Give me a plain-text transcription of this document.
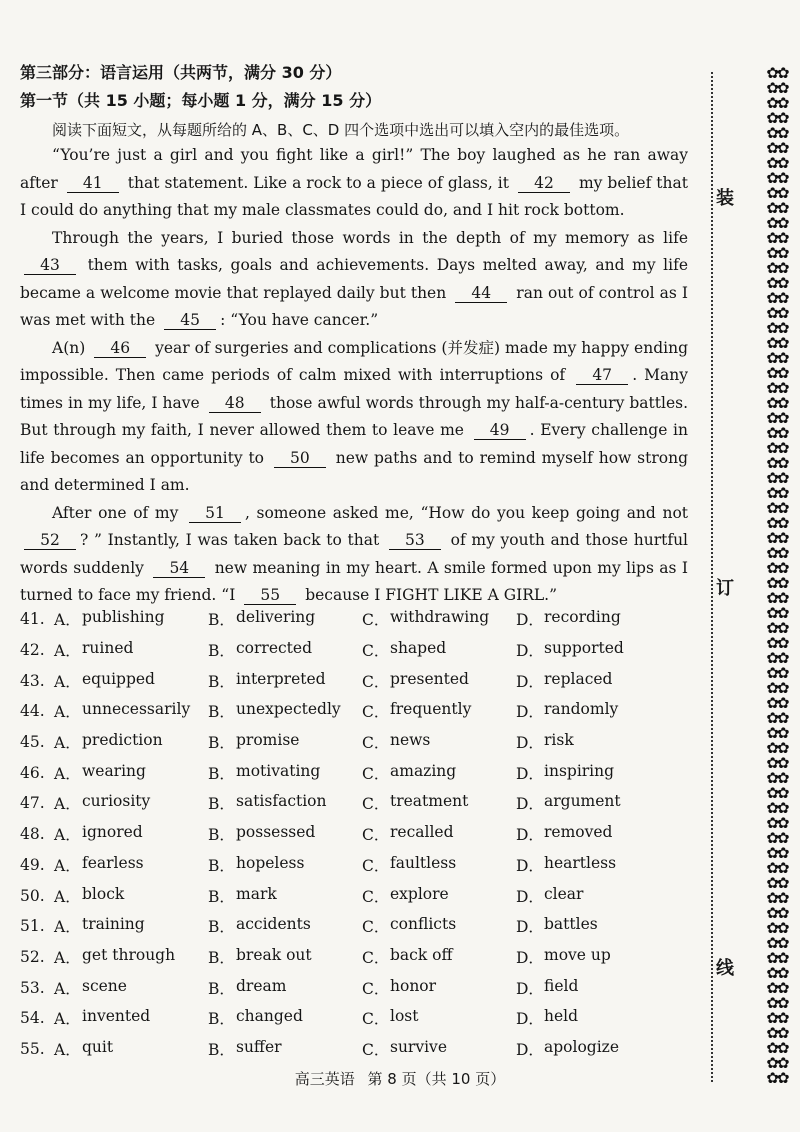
第三部分：语言运用（共两节，满分 30 分）
第一节（共 15 小题；每小题 1 分，满分 15 分）
阅读下面短文，从每题所给的 A、B、C、D 四个选项中选出可以填入空内的最佳选项。

“You’re just a girl and you fight like a girl!” The boy laughed as he ran away after 41 that statement. Like a rock to a piece of glass, it 42 my belief that I could do anything that my male classmates could do, and I hit rock bottom.

Through the years, I buried those words in the depth of my memory as life 43 them with tasks, goals and achievements. Days melted away, and my life became a welcome movie that replayed daily but then 44 ran out of control as I was met with the 45 : “You have cancer.”

A(n) 46 year of surgeries and complications (并发症) made my happy ending impossible. Then came periods of calm mixed with interruptions of 47 . Many times in my life, I have 48 those awful words through my half-a-century battles. But through my faith, I never allowed them to leave me 49 . Every challenge in life becomes an opportunity to 50 new paths and to remind myself how strong and determined I am.

After one of my 51 , someone asked me, “How do you keep going and not 52 ? ” Instantly, I was taken back to that 53 of my youth and those hurtful words suddenly 54 new meaning in my heart. A smile formed upon my lips as I turned to face my friend. “I 55 because I FIGHT LIKE A GIRL.”

41. A． publishing	B． delivering	C． withdrawing D． recording
42. A． ruined	B． corrected	C． shaped	D． supported
43. A． equipped	B． interpreted C． presented	D． replaced
44. A． unnecessarily B． unexpectedly C． frequently	D． randomly
45. A． prediction	B． promise	C． news	D． risk
46. A． wearing	B． motivating	C． amazing	D． inspiring
47. A． curiosity	B． satisfaction C． treatment	D． argument
48. A． ignored	B． possessed	C． recalled	D． removed
49. A． fearless	B． hopeless	C． faultless	D． heartless
50. A． block	B． mark	C． explore	D． clear
51. A． training	B． accidents	C． conflicts	D． battles
52. A． get through B． break out	C． back off	D． move up
53. A． scene	B． dream	C． honor	D． field
54. A． invented	B． changed	C． lost	D． held
55. A． quit	B． suffer	C． survive	D． apologize
高三英语 第 8 页（共 10 页）
装
订
线
✿✿
✿✿
✿✿
✿✿
✿✿
✿✿
✿✿
✿✿
✿✿
✿✿
✿✿
✿✿
✿✿
✿✿
✿✿
✿✿
✿✿
✿✿
✿✿
✿✿
✿✿
✿✿
✿✿
✿✿
✿✿
✿✿
✿✿
✿✿
✿✿
✿✿
✿✿
✿✿
✿✿
✿✿
✿✿
✿✿
✿✿
✿✿
✿✿
✿✿
✿✿
✿✿
✿✿
✿✿
✿✿
✿✿
✿✿
✿✿
✿✿
✿✿
✿✿
✿✿
✿✿
✿✿
✿✿
✿✿
✿✿
✿✿
✿✿
✿✿
✿✿
✿✿
✿✿
✿✿
✿✿
✿✿
✿✿
✿✿
